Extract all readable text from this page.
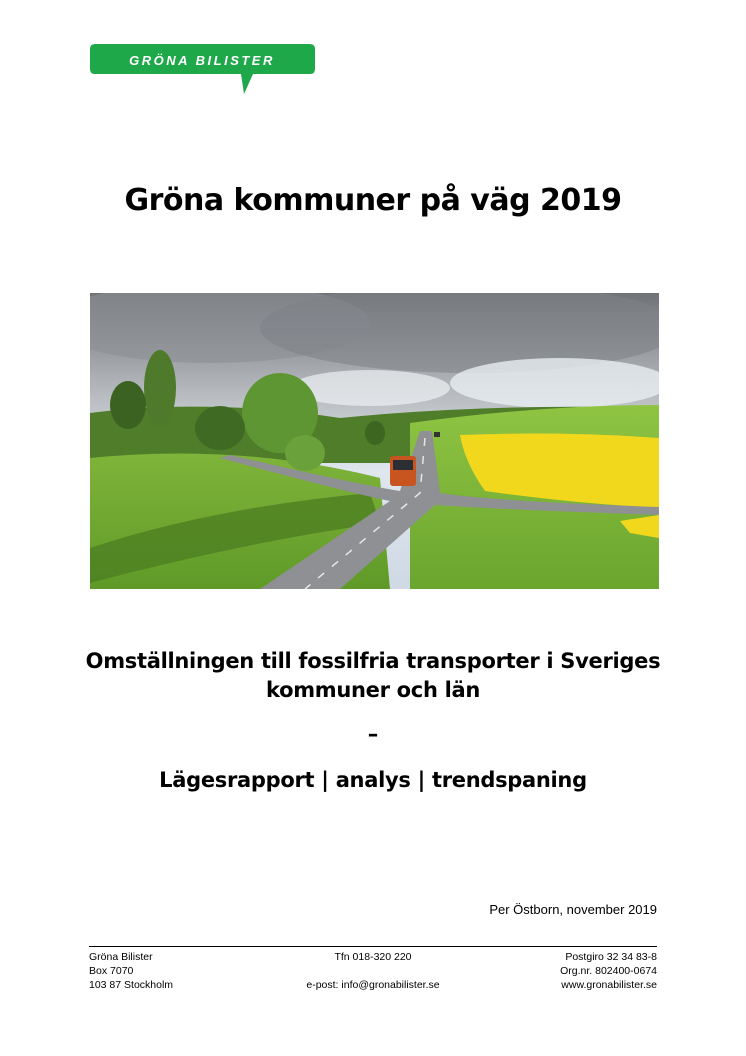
GRÖNA BILISTER
Gröna kommuner på väg 2019
Omställningen till fossilfria transporter i Sveriges
kommuner och län
–
Lägesrapport | analys | trendspaning
Per Östborn, november 2019
Gröna Bilister
Box 7070
103 87 Stockholm
Tfn 018-320 220

e-post: info@gronabilister.se
Postgiro 32 34 83-8
Org.nr. 802400-0674
www.gronabilister.se
